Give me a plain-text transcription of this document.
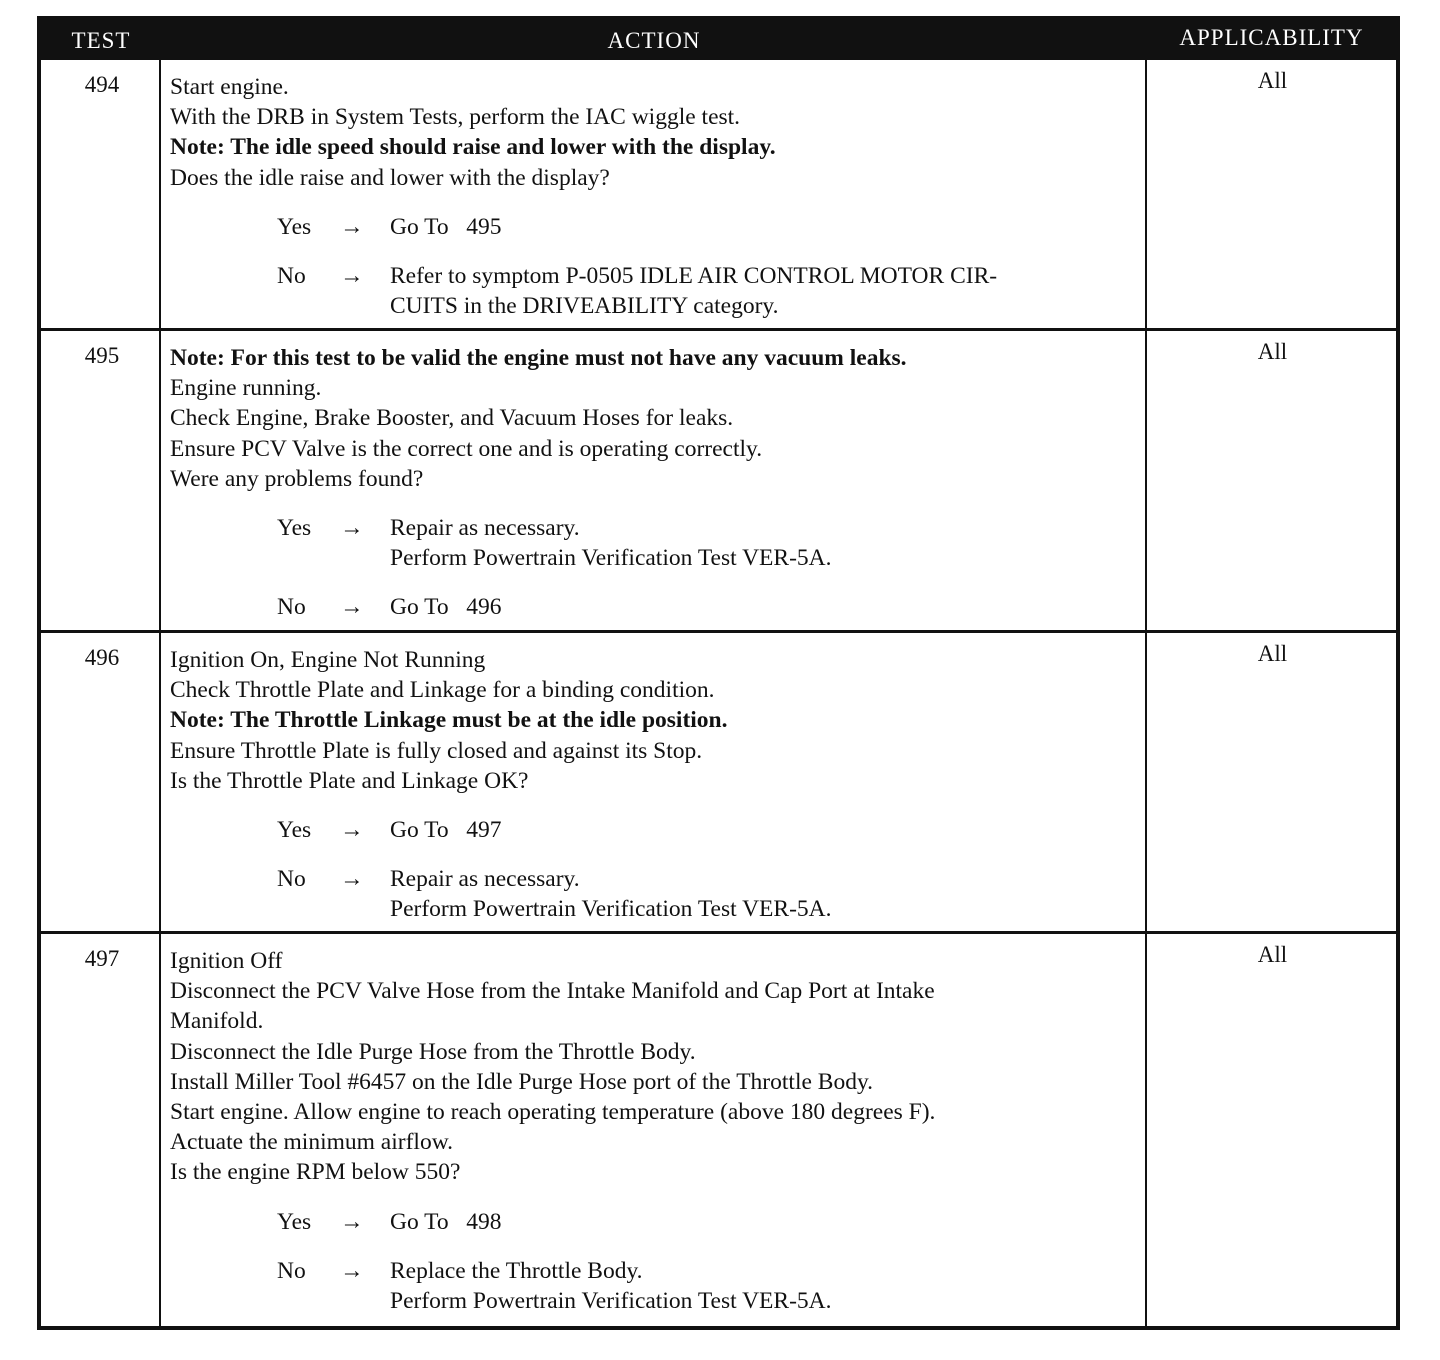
TEST	ACTION	APPLICABILITY
494	Start engine.
With the DRB in System Tests, perform the IAC wiggle test.
Note: The idle speed should raise and lower with the display.
Does the idle raise and lower with the display?
Yes → Go To   495
No → Refer to symptom P-0505 IDLE AIR CONTROL MOTOR CIR-
CUITS in the DRIVEABILITY category.
All
495	Note: For this test to be valid the engine must not have any vacuum leaks.
Engine running.
Check Engine, Brake Booster, and Vacuum Hoses for leaks.
Ensure PCV Valve is the correct one and is operating correctly.
Were any problems found?
Yes → Repair as necessary.
Perform Powertrain Verification Test VER-5A.
No → Go To   496
All
496	Ignition On, Engine Not Running
Check Throttle Plate and Linkage for a binding condition.
Note: The Throttle Linkage must be at the idle position.
Ensure Throttle Plate is fully closed and against its Stop.
Is the Throttle Plate and Linkage OK?
Yes → Go To   497
No → Repair as necessary.
Perform Powertrain Verification Test VER-5A.
All
497	Ignition Off
Disconnect the PCV Valve Hose from the Intake Manifold and Cap Port at Intake
Manifold.
Disconnect the Idle Purge Hose from the Throttle Body.
Install Miller Tool #6457 on the Idle Purge Hose port of the Throttle Body.
Start engine. Allow engine to reach operating temperature (above 180 degrees F).
Actuate the minimum airflow.
Is the engine RPM below 550?
Yes → Go To   498
No → Replace the Throttle Body.
Perform Powertrain Verification Test VER-5A.
All
